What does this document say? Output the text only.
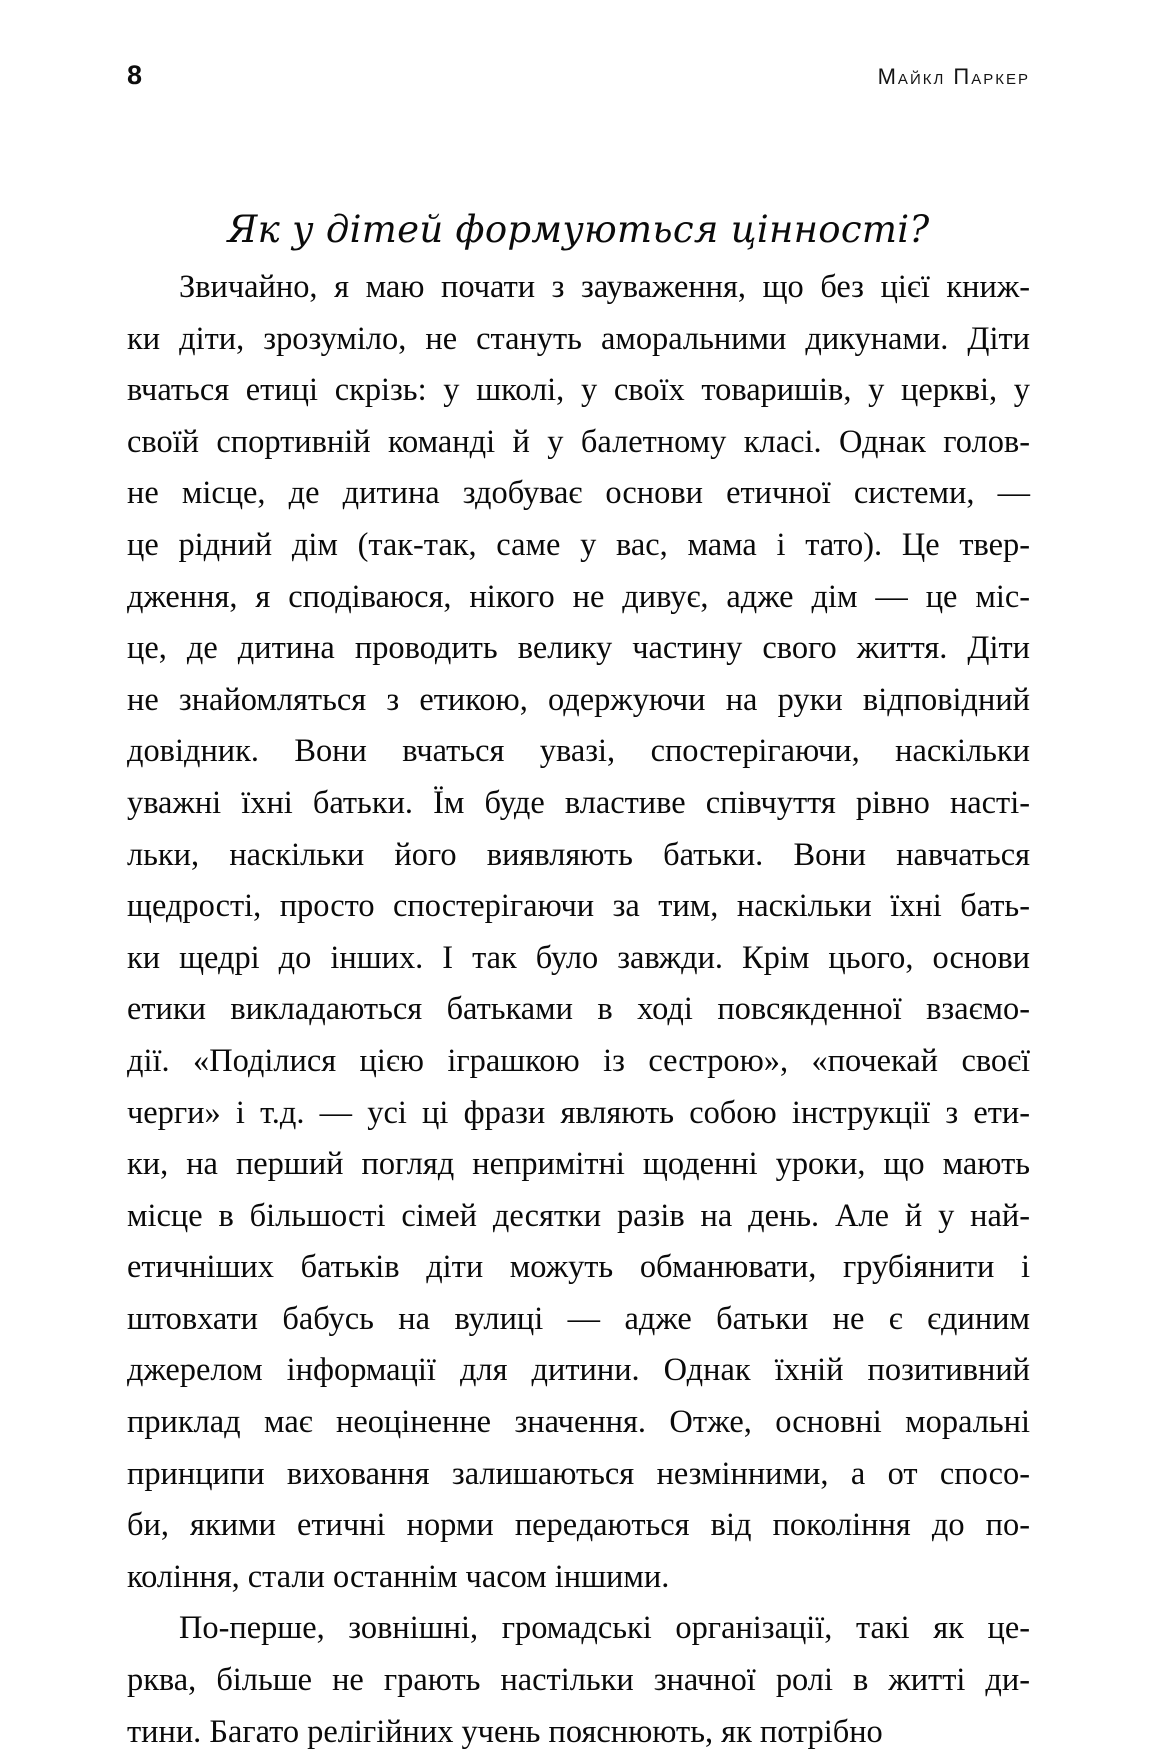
8	Майкл Паркер
Як у дітей формуються цінності?

Звичайно, я маю почати з зауваження, що без цієї книж-
ки діти, зрозуміло, не стануть аморальними дикунами. Діти
вчаться етиці скрізь: у школі, у своїх товаришів, у церкві, у
своїй спортивній команді й у балетному класі. Однак голов-
не місце, де дитина здобуває основи етичної системи, —
це рідний дім (так-так, саме у вас, мама і тато). Це твер-
дження, я сподіваюся, нікого не дивує, адже дім — це міс-
це, де дитина проводить велику частину свого життя. Діти
не знайомляться з етикою, одержуючи на руки відповідний
довідник. Вони вчаться увазі, спостерігаючи, наскільки
уважні їхні батьки. Їм буде властиве співчуття рівно насті-
льки, наскільки його виявляють батьки. Вони навчаться
щедрості, просто спостерігаючи за тим, наскільки їхні бать-
ки щедрі до інших. І так було завжди. Крім цього, основи
етики викладаються батьками в ході повсякденної взаємо-
дії. «Поділися цією іграшкою із сестрою», «почекай своєї
черги» і т.д. — усі ці фрази являють собою інструкції з ети-
ки, на перший погляд непримітні щоденні уроки, що мають
місце в більшості сімей десятки разів на день. Але й у най-
етичніших батьків діти можуть обманювати, грубіянити і
штовхати бабусь на вулиці — адже батьки не є єдиним
джерелом інформації для дитини. Однак їхній позитивний
приклад має неоціненне значення. Отже, основні моральні
принципи виховання залишаються незмінними, а от спосо-
би, якими етичні норми передаються від покоління до по-
коління, стали останнім часом іншими.

По-перше, зовнішні, громадські організації, такі як це-
рква, більше не грають настільки значної ролі в житті ди-
тини. Багато релігійних учень пояснюють, як потрібно
